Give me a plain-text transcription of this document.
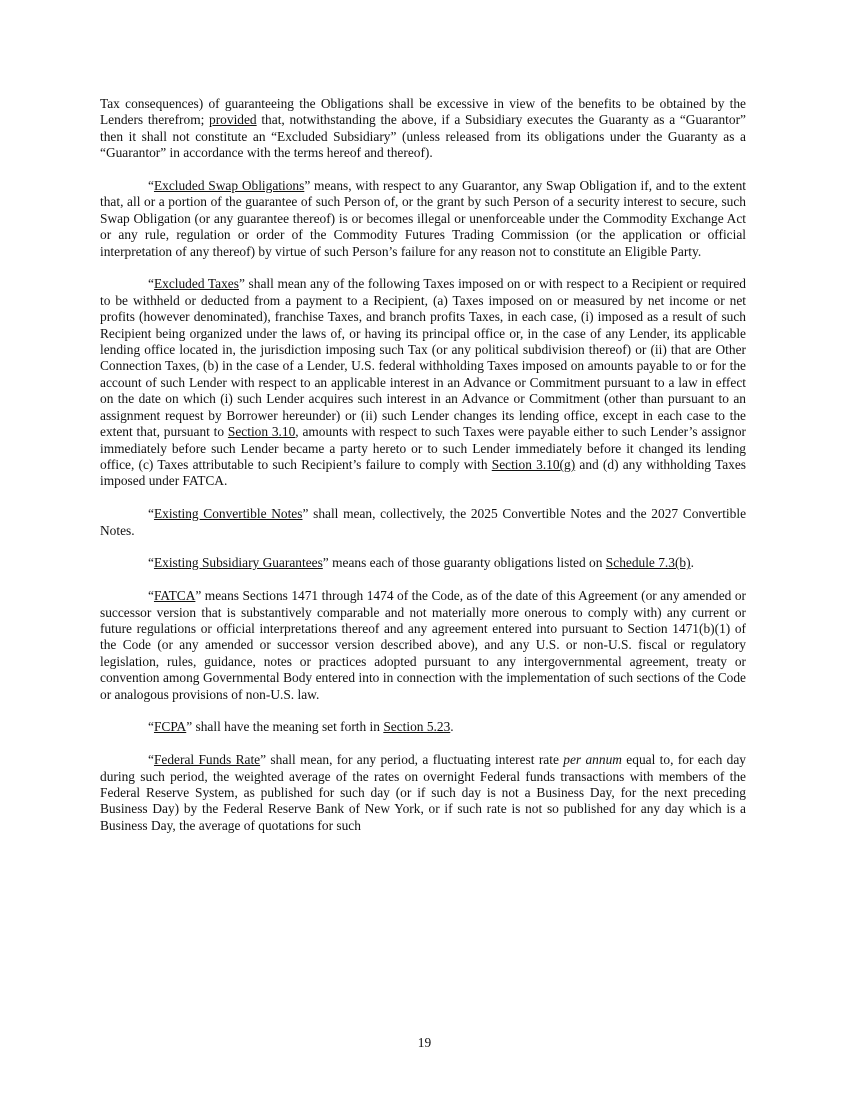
Tax consequences) of guaranteeing the Obligations shall be excessive in view of the benefits to be obtained by the Lenders therefrom; provided that, notwithstanding the above, if a Subsidiary executes the Guaranty as a “Guarantor” then it shall not constitute an “Excluded Subsidiary” (unless released from its obligations under the Guaranty as a “Guarantor” in accordance with the terms hereof and thereof).

“Excluded Swap Obligations” means, with respect to any Guarantor, any Swap Obligation if, and to the extent that, all or a portion of the guarantee of such Person of, or the grant by such Person of a security interest to secure, such Swap Obligation (or any guarantee thereof) is or becomes illegal or unenforceable under the Commodity Exchange Act or any rule, regulation or order of the Commodity Futures Trading Commission (or the application or official interpretation of any thereof) by virtue of such Person’s failure for any reason not to constitute an Eligible Party.

“Excluded Taxes” shall mean any of the following Taxes imposed on or with respect to a Recipient or required to be withheld or deducted from a payment to a Recipient, (a) Taxes imposed on or measured by net income or net profits (however denominated), franchise Taxes, and branch profits Taxes, in each case, (i) imposed as a result of such Recipient being organized under the laws of, or having its principal office or, in the case of any Lender, its applicable lending office located in, the jurisdiction imposing such Tax (or any political subdivision thereof) or (ii) that are Other Connection Taxes, (b) in the case of a Lender, U.S. federal withholding Taxes imposed on amounts payable to or for the account of such Lender with respect to an applicable interest in an Advance or Commitment pursuant to a law in effect on the date on which (i) such Lender acquires such interest in an Advance or Commitment (other than pursuant to an assignment request by Borrower hereunder) or (ii) such Lender changes its lending office, except in each case to the extent that, pursuant to Section 3.10, amounts with respect to such Taxes were payable either to such Lender’s assignor immediately before such Lender became a party hereto or to such Lender immediately before it changed its lending office, (c) Taxes attributable to such Recipient’s failure to comply with Section 3.10(g) and (d) any withholding Taxes imposed under FATCA.

“Existing Convertible Notes” shall mean, collectively, the 2025 Convertible Notes and the 2027 Convertible Notes.

“Existing Subsidiary Guarantees” means each of those guaranty obligations listed on Schedule 7.3(b).

“FATCA” means Sections 1471 through 1474 of the Code, as of the date of this Agreement (or any amended or successor version that is substantively comparable and not materially more onerous to comply with) any current or future regulations or official interpretations thereof and any agreement entered into pursuant to Section 1471(b)(1) of the Code (or any amended or successor version described above), and any U.S. or non-U.S. fiscal or regulatory legislation, rules, guidance, notes or practices adopted pursuant to any intergovernmental agreement, treaty or convention among Governmental Body entered into in connection with the implementation of such sections of the Code or analogous provisions of non-U.S. law.

“FCPA” shall have the meaning set forth in Section 5.23.

“Federal Funds Rate” shall mean, for any period, a fluctuating interest rate per annum equal to, for each day during such period, the weighted average of the rates on overnight Federal funds transactions with members of the Federal Reserve System, as published for such day (or if such day is not a Business Day, for the next preceding Business Day) by the Federal Reserve Bank of New York, or if such rate is not so published for any day which is a Business Day, the average of quotations for such

19
